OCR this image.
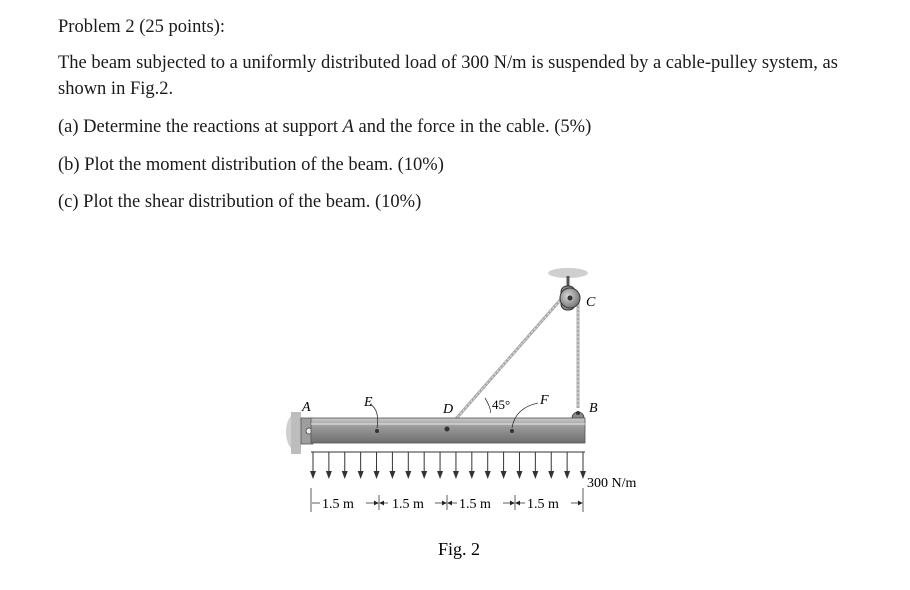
Problem 2 (25 points):
The beam subjected to a uniformly distributed load of 300 N/m is suspended by a cable-pulley system, as shown in Fig.2.
(a) Determine the reactions at support A and the force in the cable. (5%)
(b) Plot the moment distribution of the beam. (10%)
(c) Plot the shear distribution of the beam. (10%)
A	E	D
F
B
C
45°
300 N/m
1.5 m	1.5 m	1.5 m	1.5 m
Fig. 2
